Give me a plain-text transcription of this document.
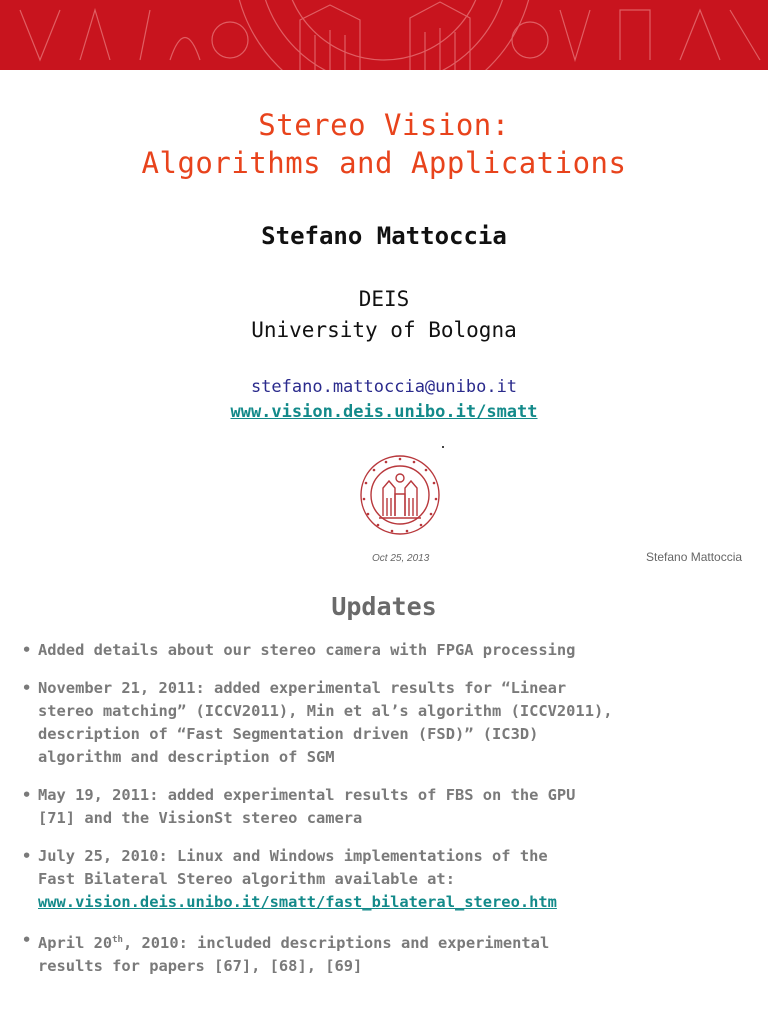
Stereo Vision:
Algorithms and Applications
Stefano Mattoccia
DEIS
University of Bologna
stefano.mattoccia@unibo.it
www.vision.deis.unibo.it/smatt
Oct 25, 2013	Stefano Mattoccia
Updates
• Added details about our stereo camera with FPGA processing
• November 21, 2011: added experimental results for “Linear
stereo matching” (ICCV2011), Min et al’s algorithm (ICCV2011),
description of “Fast Segmentation driven (FSD)” (IC3D)
algorithm and description of SGM
• May 19, 2011: added experimental results of FBS on the GPU
[71] and the VisionSt stereo camera
• July 25, 2010: Linux and Windows implementations of the
Fast Bilateral Stereo algorithm available at:
www.vision.deis.unibo.it/smatt/fast_bilateral_stereo.htm
• April 20th, 2010: included descriptions and experimental
results for papers [67], [68], [69]
